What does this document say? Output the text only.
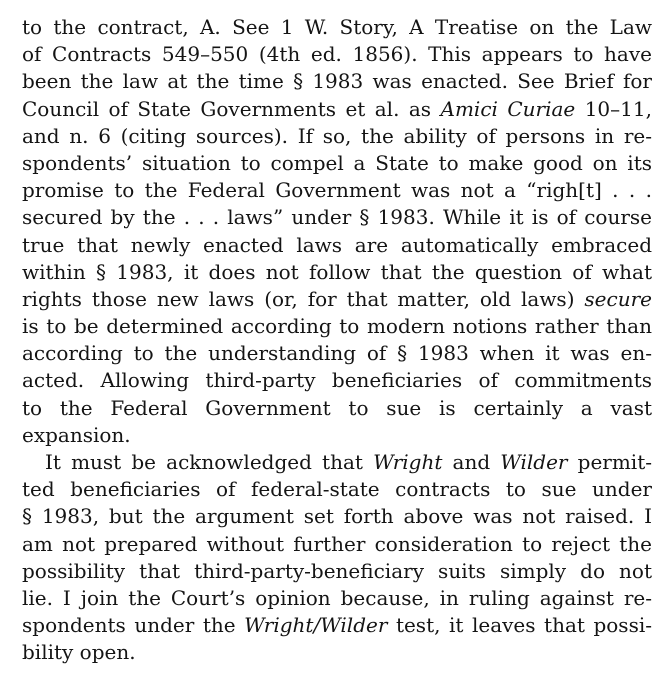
to the contract, A. See 1 W. Story, A Treatise on the Law
of Contracts 549–550 (4th ed. 1856). This appears to have
been the law at the time § 1983 was enacted. See Brief for
Council of State Governments et al. as Amici Curiae 10–11,
and n. 6 (citing sources). If so, the ability of persons in re-
spondents’ situation to compel a State to make good on its
promise to the Federal Government was not a “righ[t] . . .
secured by the . . . laws” under § 1983. While it is of course
true that newly enacted laws are automatically embraced
within § 1983, it does not follow that the question of what
rights those new laws (or, for that matter, old laws) secure
is to be determined according to modern notions rather than
according to the understanding of § 1983 when it was en-
acted. Allowing third-party beneficiaries of commitments
to the Federal Government to sue is certainly a vast
expansion.
It must be acknowledged that Wright and Wilder permit-
ted beneficiaries of federal-state contracts to sue under
§ 1983, but the argument set forth above was not raised. I
am not prepared without further consideration to reject the
possibility that third-party-beneficiary suits simply do not
lie. I join the Court’s opinion because, in ruling against re-
spondents under the Wright/Wilder test, it leaves that possi-
bility open.
